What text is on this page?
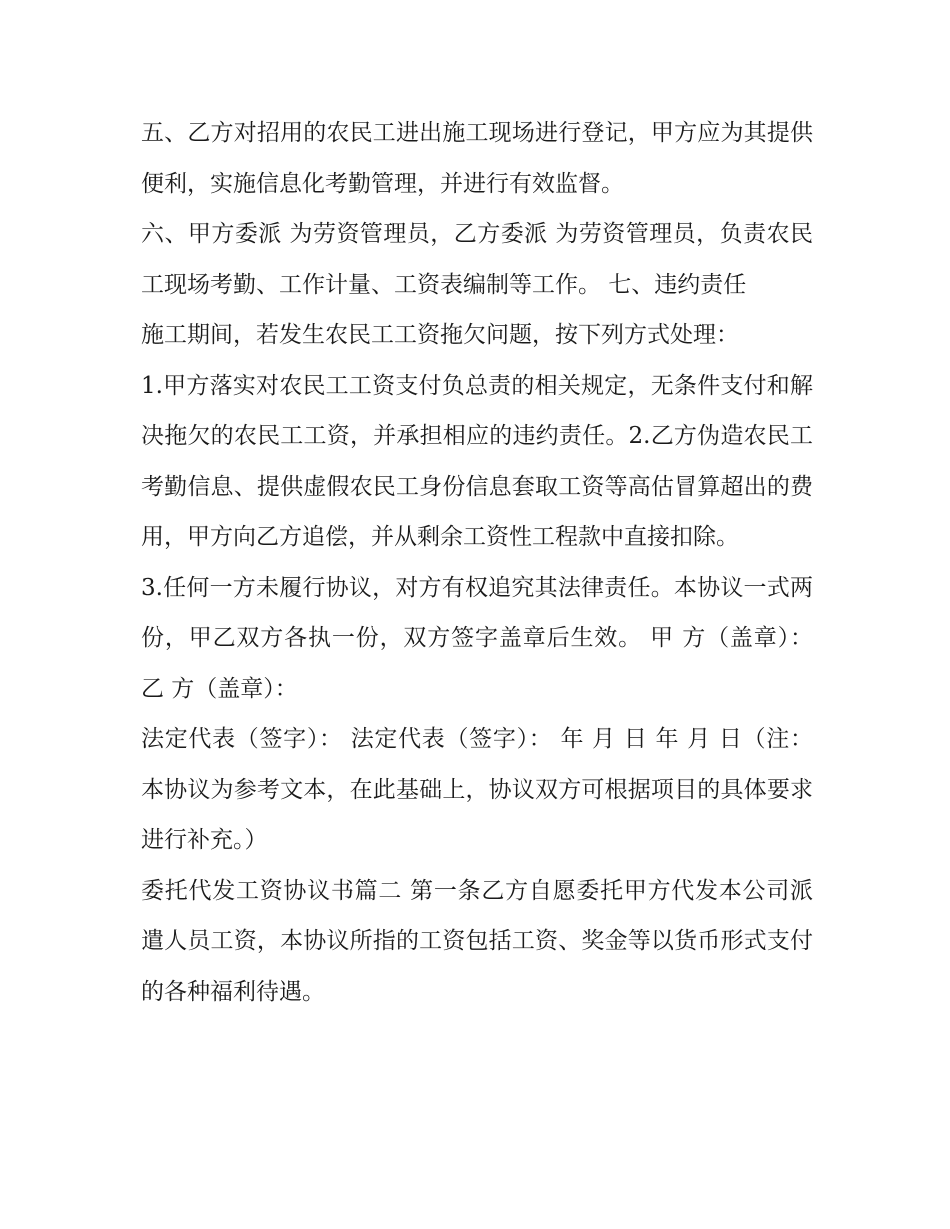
五、乙方对招用的农民工进出施工现场进行登记，甲方应为其提供便利，实施信息化考勤管理，并进行有效监督。

六、甲方委派 为劳资管理员，乙方委派 为劳资管理员，负责农民工现场考勤、工作计量、工资表编制等工作。 七、违约责任

施工期间，若发生农民工工资拖欠问题，按下列方式处理：

1.甲方落实对农民工工资支付负总责的相关规定，无条件支付和解决拖欠的农民工工资，并承担相应的违约责任。2.乙方伪造农民工考勤信息、提供虚假农民工身份信息套取工资等高估冒算超出的费用，甲方向乙方追偿，并从剩余工资性工程款中直接扣除。

3.任何一方未履行协议，对方有权追究其法律责任。本协议一式两份，甲乙双方各执一份，双方签字盖章后生效。 甲 方（盖章）： 乙 方（盖章）：

法定代表（签字）： 法定代表（签字）： 年 月 日 年 月 日（注：本协议为参考文本，在此基础上，协议双方可根据项目的具体要求进行补充。）

委托代发工资协议书篇二 第一条乙方自愿委托甲方代发本公司派遣人员工资，本协议所指的工资包括工资、奖金等以货币形式支付的各种福利待遇。
